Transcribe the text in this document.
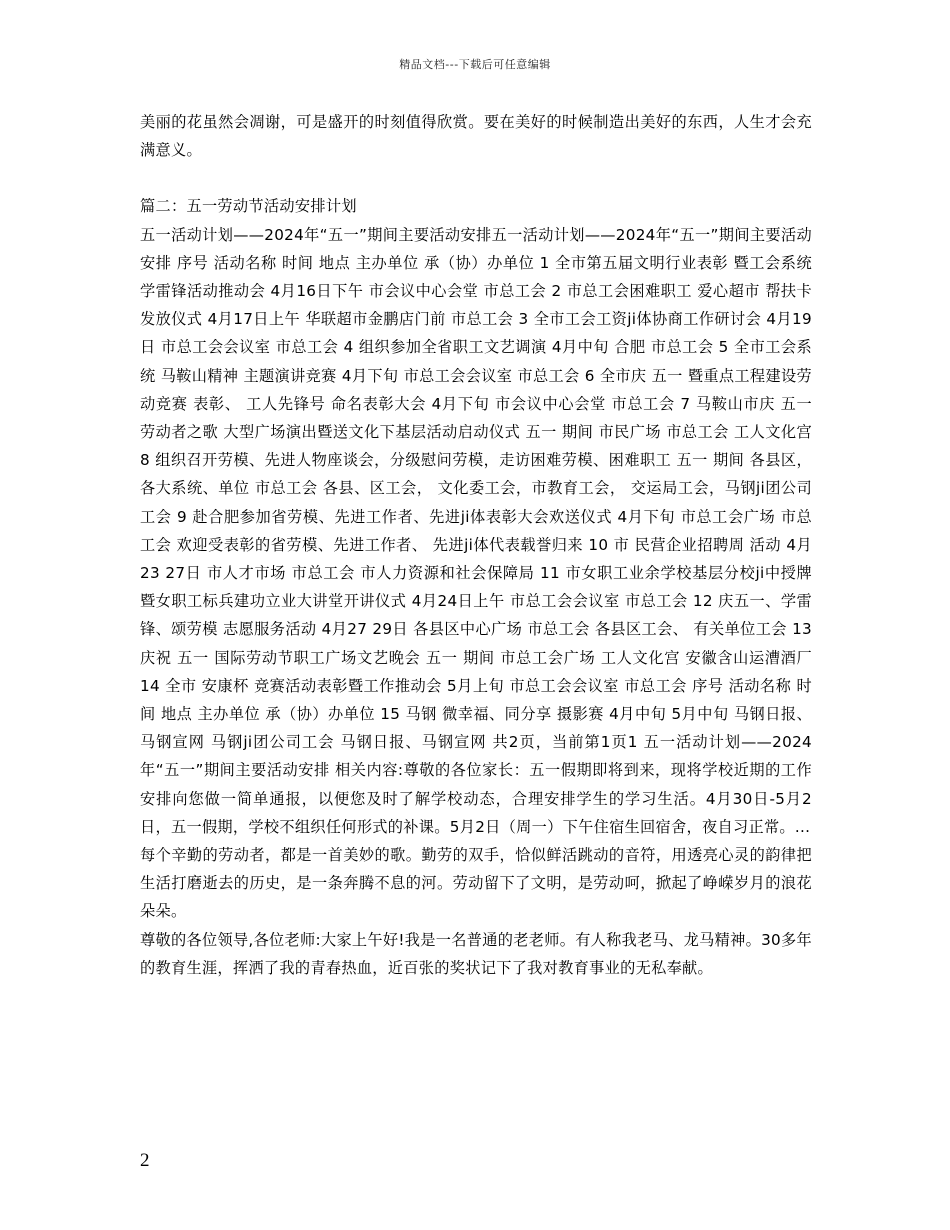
精品文档---下载后可任意编辑

美丽的花虽然会凋谢，可是盛开的时刻值得欣赏。要在美好的时候制造出美好的东西，人生才会充满意义。

篇二：五一劳动节活动安排计划

五一活动计划——2024年“五一”期间主要活动安排五一活动计划——2024年“五一”期间主要活动安排 序号 活动名称 时间 地点 主办单位 承（协）办单位 1 全市第五届文明行业表彰 暨工会系统学雷锋活动推动会 4月16日下午 市会议中心会堂 市总工会 2 市总工会困难职工 爱心超市 帮扶卡 发放仪式 4月17日上午 华联超市金鹏店门前 市总工会 3 全市工会工资ji体协商工作研讨会 4月19日 市总工会会议室 市总工会 4 组织参加全省职工文艺调演 4月中旬 合肥 市总工会 5 全市工会系统 马鞍山精神 主题演讲竞赛 4月下旬 市总工会会议室 市总工会 6 全市庆 五一 暨重点工程建设劳动竞赛 表彰、 工人先锋号 命名表彰大会 4月下旬 市会议中心会堂 市总工会 7 马鞍山市庆 五一 劳动者之歌 大型广场演出暨送文化下基层活动启动仪式 五一 期间 市民广场 市总工会 工人文化宫 8 组织召开劳模、先进人物座谈会，分级慰问劳模，走访困难劳模、困难职工 五一 期间 各县区， 各大系统、单位 市总工会 各县、区工会， 文化委工会，市教育工会， 交运局工会，马钢ji团公司工会 9 赴合肥参加省劳模、先进工作者、先进ji体表彰大会欢送仪式 4月下旬 市总工会广场 市总工会 欢迎受表彰的省劳模、先进工作者、 先进ji体代表载誉归来 10 市 民营企业招聘周 活动 4月23 27日 市人才市场 市总工会 市人力资源和社会保障局 11 市女职工业余学校基层分校ji中授牌 暨女职工标兵建功立业大讲堂开讲仪式 4月24日上午 市总工会会议室 市总工会 12 庆五一、学雷锋、颂劳模 志愿服务活动 4月27 29日 各县区中心广场 市总工会 各县区工会、 有关单位工会 13 庆祝 五一 国际劳动节职工广场文艺晚会 五一 期间 市总工会广场 工人文化宫 安徽含山运漕酒厂 14 全市 安康杯 竞赛活动表彰暨工作推动会 5月上旬 市总工会会议室 市总工会 序号 活动名称 时间 地点 主办单位 承（协）办单位 15 马钢 微幸福、同分享 摄影赛 4月中旬 5月中旬 马钢日报、马钢宣网 马钢ji团公司工会 马钢日报、马钢宣网 共2页，当前第1页1 五一活动计划——2024年“五一”期间主要活动安排 相关内容:尊敬的各位家长：五一假期即将到来，现将学校近期的工作安排向您做一简单通报，以便您及时了解学校动态，合理安排学生的学习生活。4月30日-5月2日，五一假期，学校不组织任何形式的补课。5月2日（周一）下午住宿生回宿舍，夜自习正常。...

每个辛勤的劳动者，都是一首美妙的歌。勤劳的双手，恰似鲜活跳动的音符，用透亮心灵的韵律把生活打磨逝去的历史，是一条奔腾不息的河。劳动留下了文明，是劳动呵，掀起了峥嵘岁月的浪花朵朵。

尊敬的各位领导,各位老师:大家上午好!我是一名普通的老老师。有人称我老马、龙马精神。30多年的教育生涯，挥洒了我的青春热血，近百张的奖状记下了我对教育事业的无私奉献。

2
